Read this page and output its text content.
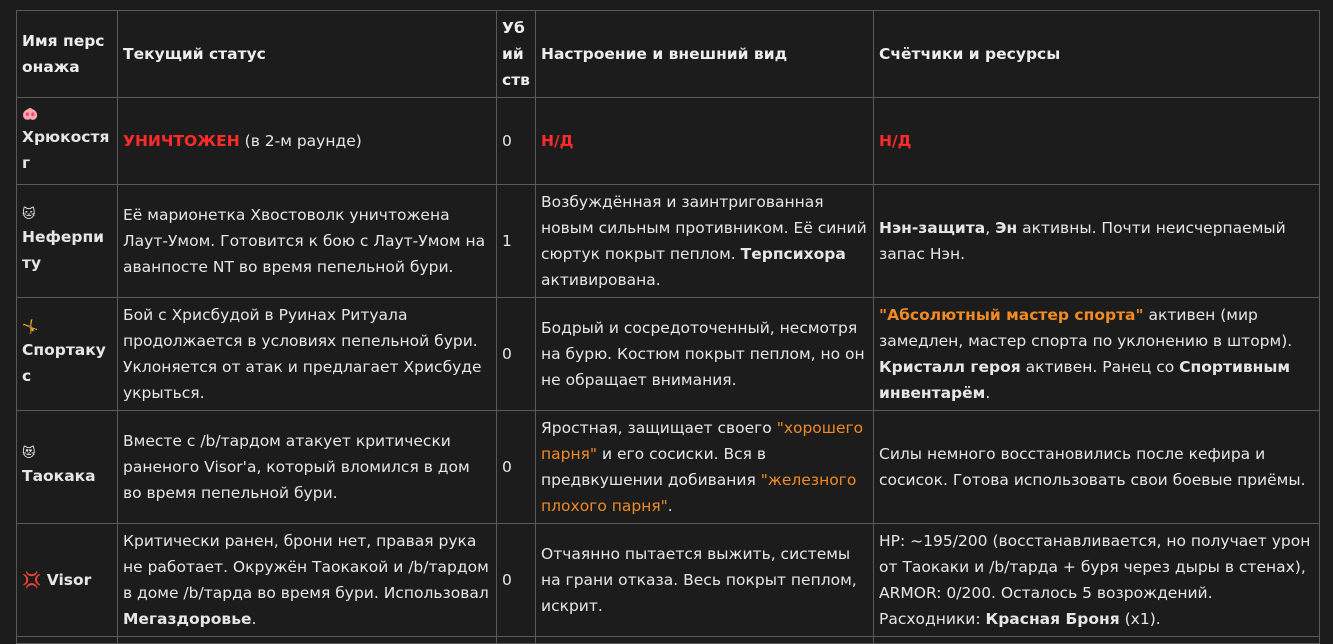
Имя персонажа	Текущий статус	Убийств	Настроение и внешний вид	Счётчики и ресурсы

🐽
Хрюкостяг	УНИЧТОЖЕН (в 2-м раунде)	0	Н/Д	Н/Д

🐱
Неферпиту	Её марионетка Хвостоволк уничтожена Лаут-Умом. Готовится к бою с Лаут-Умом на аванпосте NT во время пепельной бури.	1	Возбуждённая и заинтригованная новым сильным противником. Её синий сюртук покрыт пеплом. Терпсихора активирована.	Нэн-защита, Эн активны. Почти неисчерпаемый запас Нэн.

🤸
Спортакус	Бой с Хрисбудой в Руинах Ритуала продолжается в условиях пепельной бури. Уклоняется от атак и предлагает Хрисбуде укрыться.	0	Бодрый и сосредоточенный, несмотря на бурю. Костюм покрыт пеплом, но он не обращает внимания.	"Абсолютный мастер спорта" активен (мир замедлен, мастер спорта по уклонению в шторм). Кристалл героя активен. Ранец со Спортивным инвентарём.

😻
Таокака	Вместе с /b/тардом атакует критически раненого Visor'a, который вломился в дом во время пепельной бури.	0	Яростная, защищает своего "хорошего парня" и его сосиски. Вся в предвкушении добивания "железного плохого парня".	Силы немного восстановились после кефира и сосисок. Готова использовать свои боевые приёмы.
💢 Visor	Критически ранен, брони нет, правая рука не работает. Окружён Таокакой и /b/тардом в доме /b/тарда во время бури. Использовал Мегаздоровье.	0	Отчаянно пытается выжить, системы на грани отказа. Весь покрыт пеплом, искрит.	HP: ~195/200 (восстанавливается, но получает урон от Таокаки и /b/тарда + буря через дыры в стенах), ARMOR: 0/200. Осталось 5 возрождений. Расходники: Красная Броня (x1).
